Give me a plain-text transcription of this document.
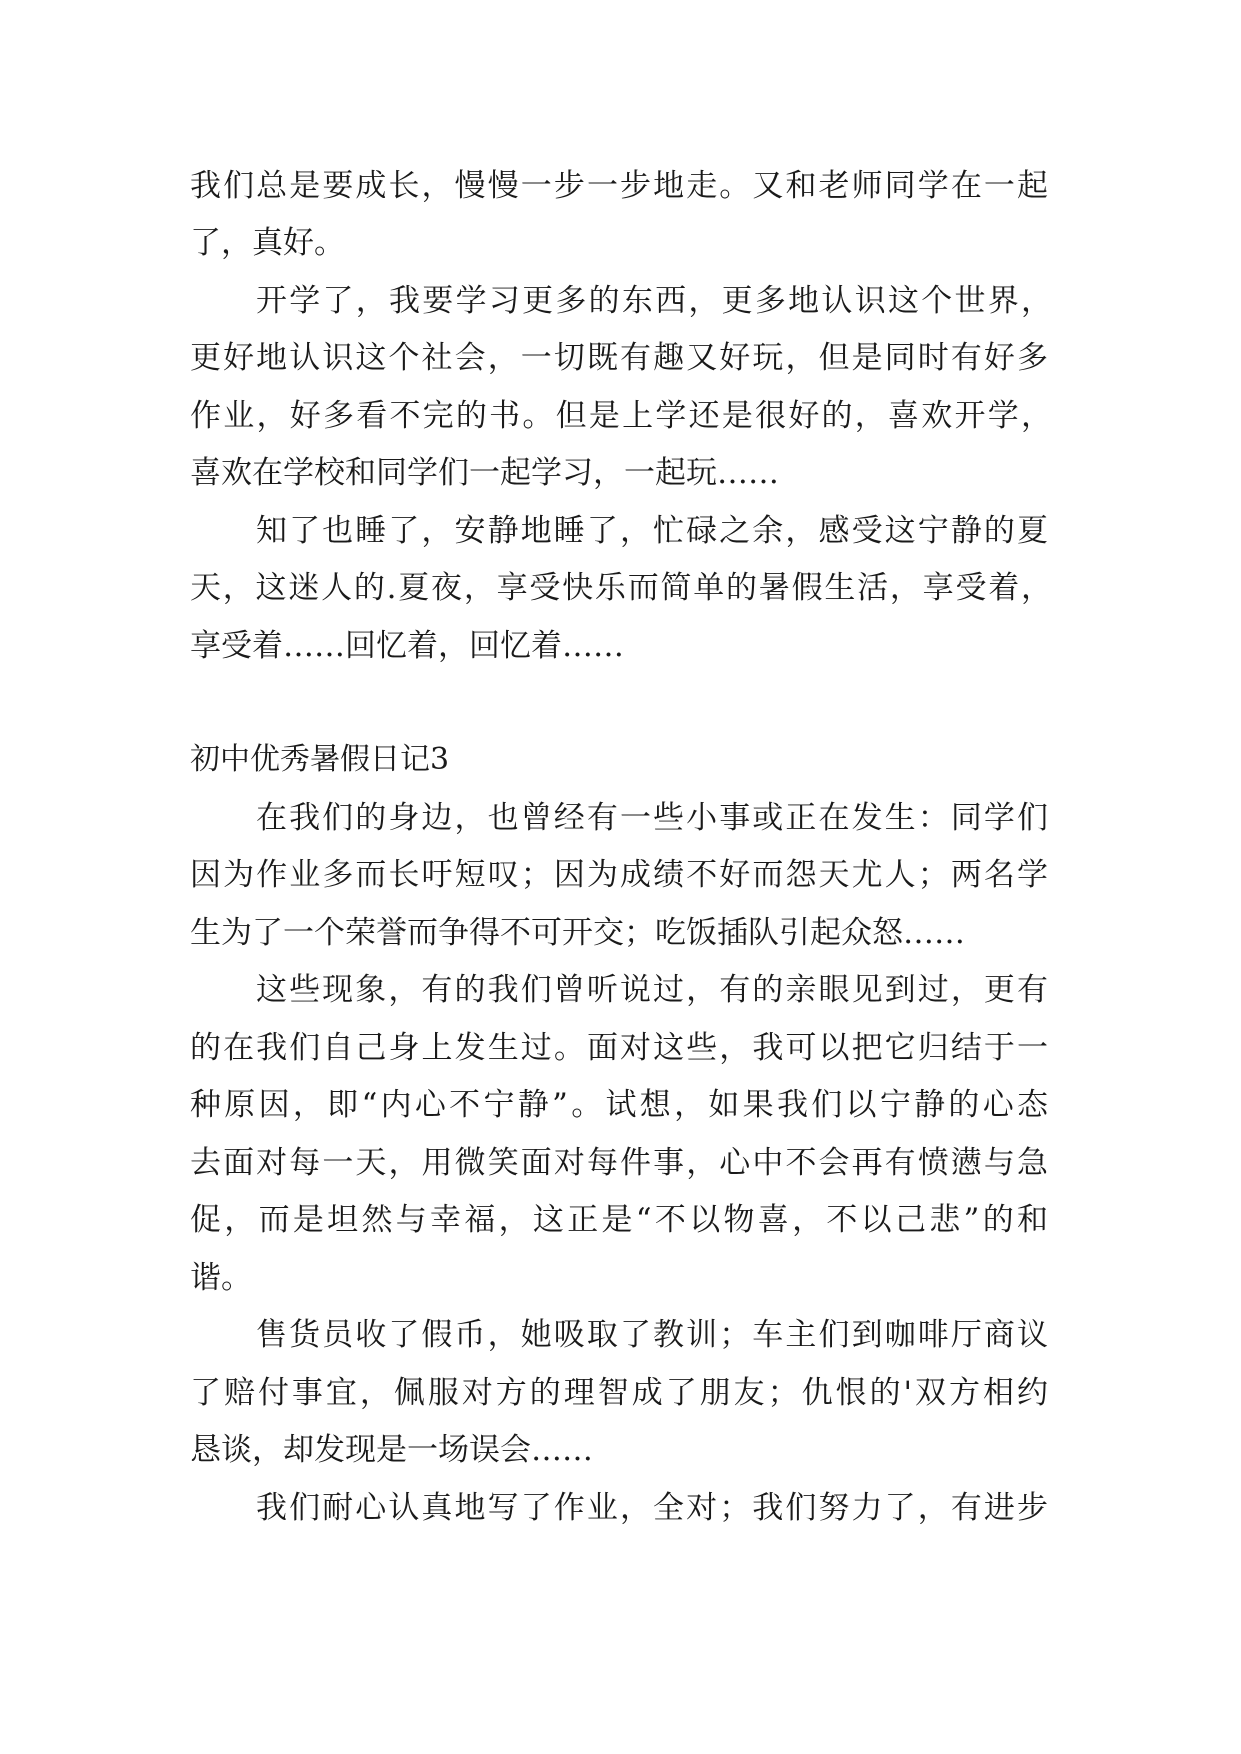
我们总是要成长，慢慢一步一步地走。又和老师同学在一起
了，真好。
开学了，我要学习更多的东西，更多地认识这个世界，
更好地认识这个社会，一切既有趣又好玩，但是同时有好多
作业，好多看不完的书。但是上学还是很好的，喜欢开学，
喜欢在学校和同学们一起学习，一起玩……
知了也睡了，安静地睡了，忙碌之余，感受这宁静的夏
天，这迷人的.夏夜，享受快乐而简单的暑假生活，享受着，
享受着……回忆着，回忆着……
初中优秀暑假日记3
在我们的身边，也曾经有一些小事或正在发生：同学们
因为作业多而长吁短叹；因为成绩不好而怨天尤人；两名学
生为了一个荣誉而争得不可开交；吃饭插队引起众怒……
这些现象，有的我们曾听说过，有的亲眼见到过，更有
的在我们自己身上发生过。面对这些，我可以把它归结于一
种原因，即“内心不宁静”。试想，如果我们以宁静的心态
去面对每一天，用微笑面对每件事，心中不会再有愤懑与急
促，而是坦然与幸福，这正是“不以物喜，不以己悲”的和
谐。
售货员收了假币，她吸取了教训；车主们到咖啡厅商议
了赔付事宜，佩服对方的理智成了朋友；仇恨的'双方相约
恳谈，却发现是一场误会……
我们耐心认真地写了作业，全对；我们努力了，有进步
